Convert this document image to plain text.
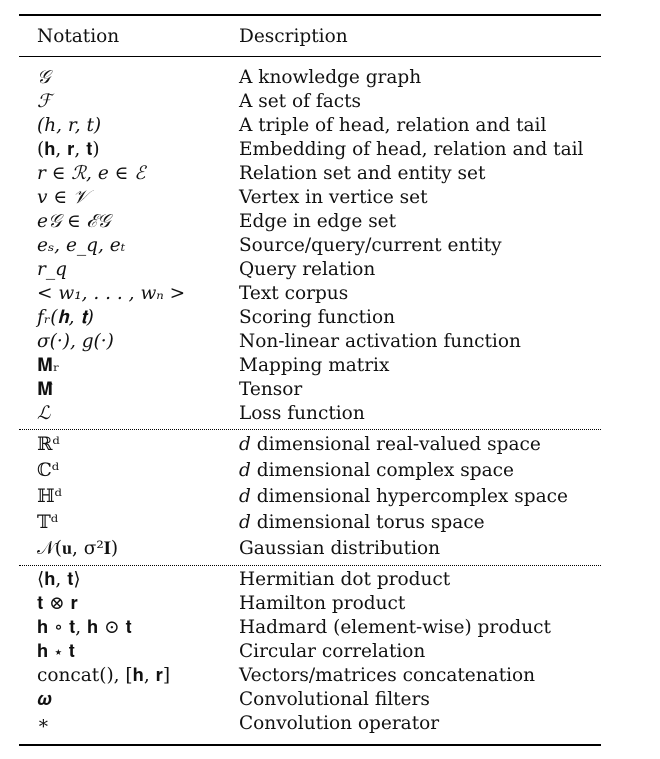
Notation	Description
𝒢	A knowledge graph
ℱ	A set of facts
(h, r, t)	A triple of head, relation and tail
(𝐡, 𝐫, 𝐭)	Embedding of head, relation and tail
r ∈ ℛ, e ∈ ℰ	Relation set and entity set
v ∈ 𝒱	Vertex in vertice set
e𝒢 ∈ ℰ𝒢	Edge in edge set
eₛ, e_q, eₜ	Source/query/current entity
r_q	Query relation
< w₁, . . . , wₙ >	Text corpus
fᵣ(𝐡, 𝐭)	Scoring function
σ(·), g(·)	Non-linear activation function
𝐌ᵣ	Mapping matrix
𝐌̂	Tensor
ℒ	Loss function
ℝᵈ	d dimensional real-valued space
ℂᵈ	d dimensional complex space
ℍᵈ	d dimensional hypercomplex space
𝕋ᵈ	d dimensional torus space
𝒩(𝐮, σ²𝐈)	Gaussian distribution
⟨𝐡, 𝐭⟩	Hermitian dot product
𝐭 ⊗ 𝐫	Hamilton product
𝐡 ∘ 𝐭, 𝐡 ⊙ 𝐭	Hadmard (element-wise) product
𝐡 ⋆ 𝐭	Circular correlation
concat(), [𝐡, 𝐫]	Vectors/matrices concatenation
𝝎	Convolutional filters
∗	Convolution operator
